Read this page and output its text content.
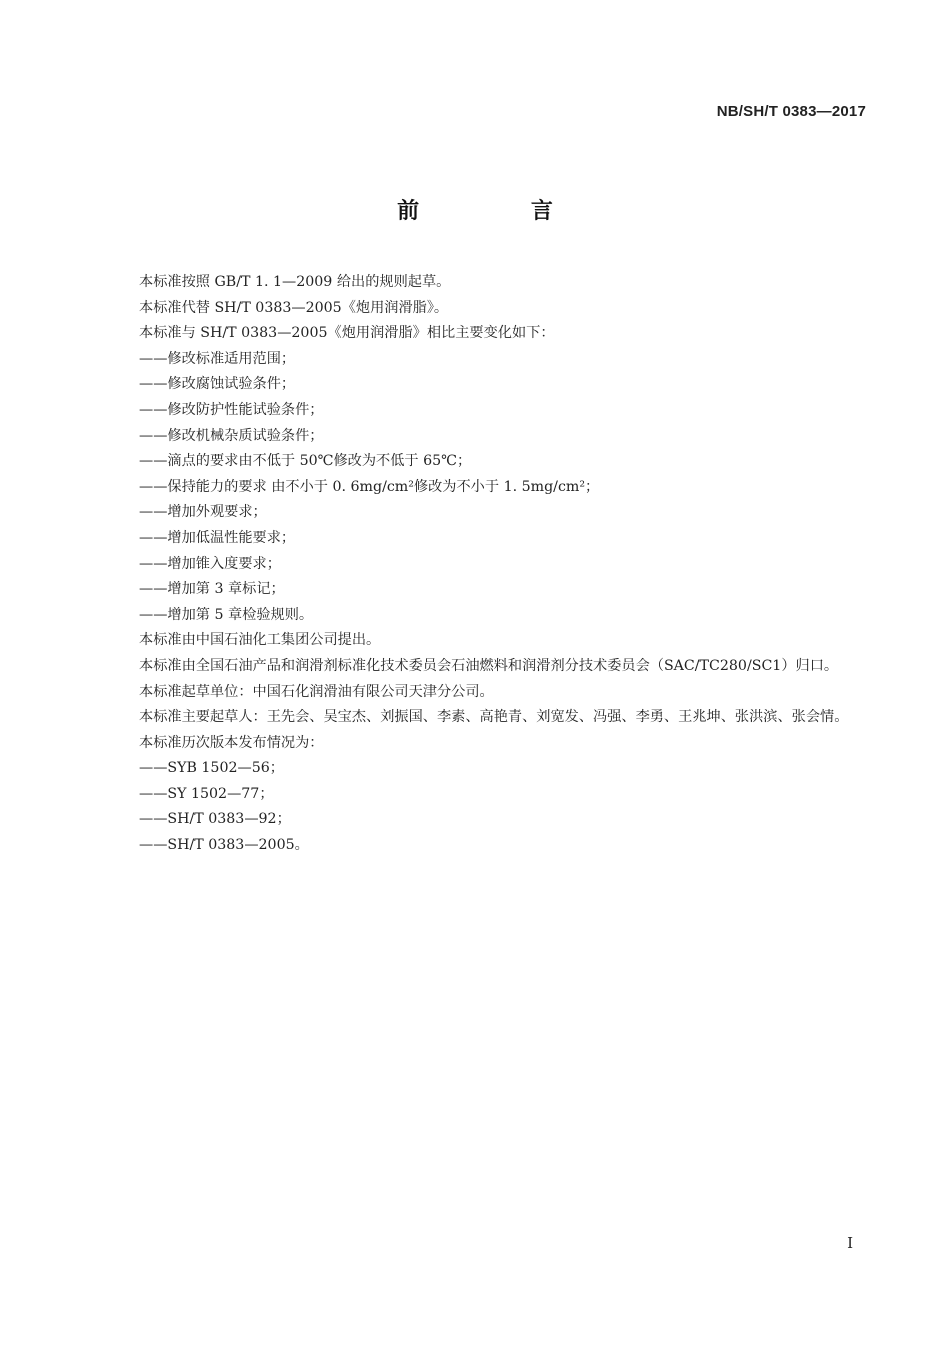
NB/SH/T 0383—2017
前 言

本标准按照 GB/T 1. 1—2009 给出的规则起草。

本标准代替 SH/T 0383—2005《炮用润滑脂》。

本标准与 SH/T 0383—2005《炮用润滑脂》相比主要变化如下：

——修改标准适用范围；

——修改腐蚀试验条件；

——修改防护性能试验条件；

——修改机械杂质试验条件；

——滴点的要求由不低于 50℃修改为不低于 65℃；

——保持能力的要求 由不小于 0. 6mg/cm²修改为不小于 1. 5mg/cm²；

——增加外观要求；

——增加低温性能要求；

——增加锥入度要求；

——增加第 3 章标记；

——增加第 5 章检验规则。

本标准由中国石油化工集团公司提出。

本标准由全国石油产品和润滑剂标准化技术委员会石油燃料和润滑剂分技术委员会（SAC/TC280/SC1）归口。

本标准起草单位：中国石化润滑油有限公司天津分公司。

本标准主要起草人：王先会、吴宝杰、刘振国、李素、高艳青、刘宽发、冯强、李勇、王兆坤、张洪滨、张会情。

本标准历次版本发布情况为：

——SYB 1502—56；

——SY 1502—77；

——SH/T 0383—92；

——SH/T 0383—2005。

I
